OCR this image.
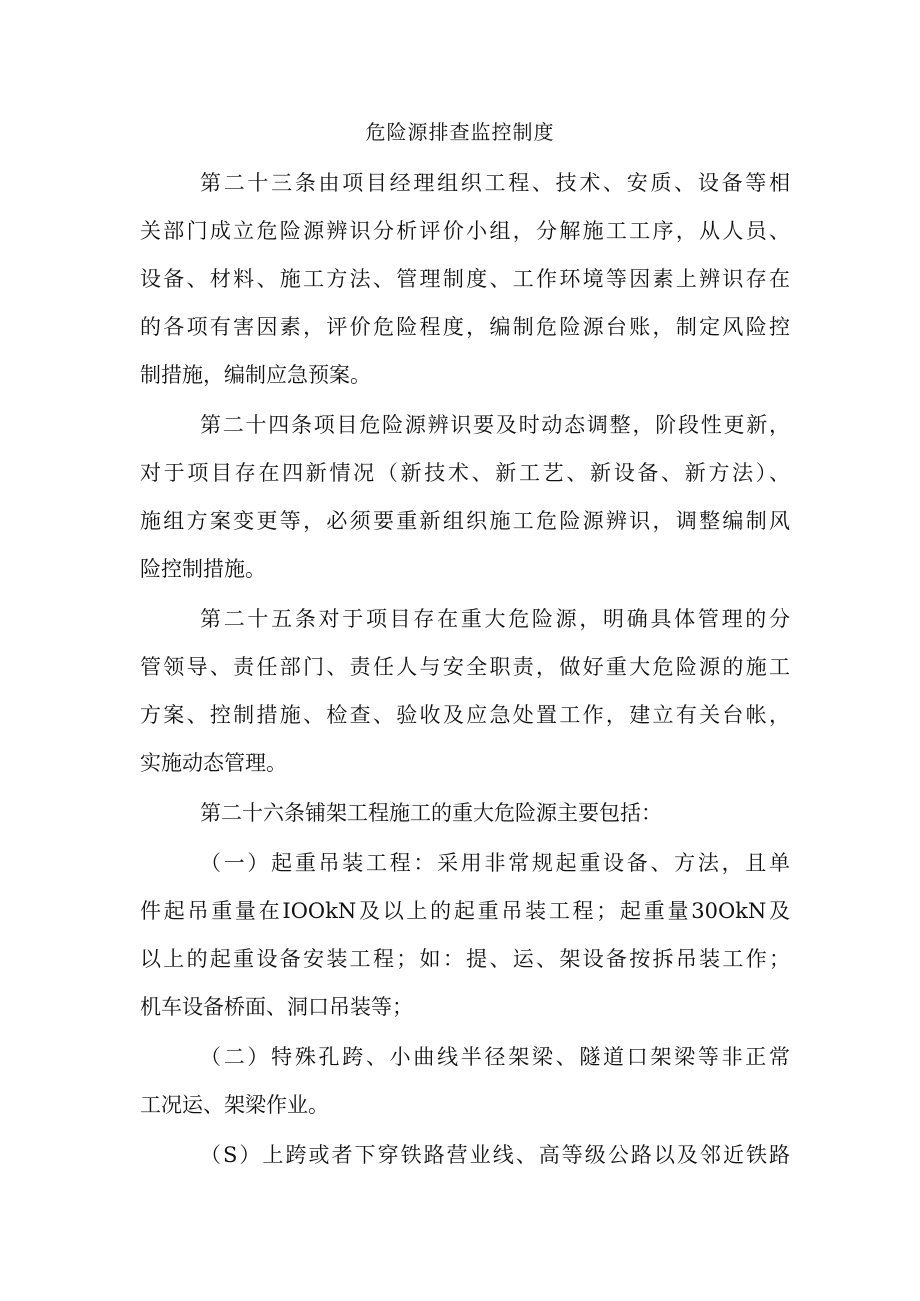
危险源排查监控制度
第二十三条由项目经理组织工程、技术、安质、设备等相
关部门成立危险源辨识分析评价小组，分解施工工序，从人员、
设备、材料、施工方法、管理制度、工作环境等因素上辨识存在
的各项有害因素，评价危险程度，编制危险源台账，制定风险控
制措施，编制应急预案。
第二十四条项目危险源辨识要及时动态调整，阶段性更新，
对于项目存在四新情况（新技术、新工艺、新设备、新方法）、
施组方案变更等，必须要重新组织施工危险源辨识，调整编制风
险控制措施。
第二十五条对于项目存在重大危险源，明确具体管理的分
管领导、责任部门、责任人与安全职责，做好重大危险源的施工
方案、控制措施、检查、验收及应急处置工作，建立有关台帐，
实施动态管理。
第二十六条铺架工程施工的重大危险源主要包括：
（一）起重吊装工程：采用非常规起重设备、方法，且单
件起吊重量在IOOkN及以上的起重吊装工程；起重量30OkN及
以上的起重设备安装工程；如：提、运、架设备按拆吊装工作；
机车设备桥面、洞口吊装等；
（二）特殊孔跨、小曲线半径架梁、隧道口架梁等非正常
工况运、架梁作业。
（S）上跨或者下穿铁路营业线、高等级公路以及邻近铁路
